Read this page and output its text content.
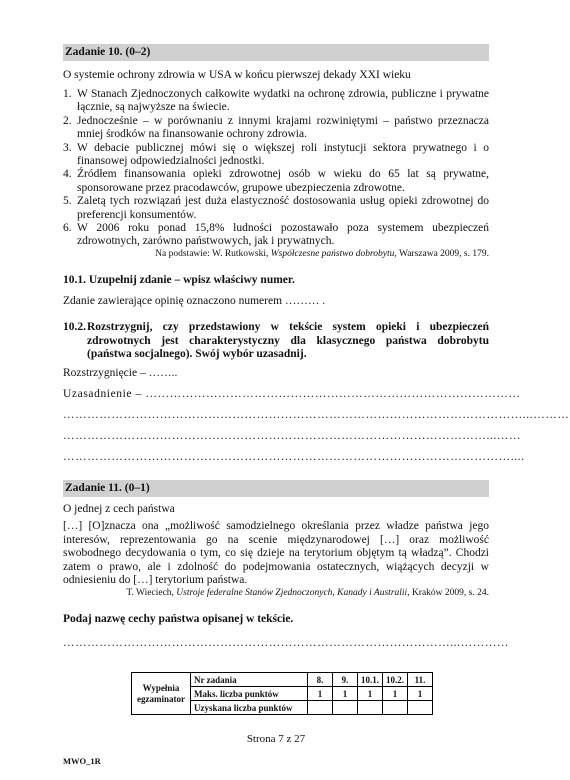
Zadanie 10. (0–2)
O systemie ochrony zdrowia w USA w końcu pierwszej dekady XXI wieku
1. W Stanach Zjednoczonych całkowite wydatki na ochronę zdrowia, publiczne i prywatne łącznie, są najwyższe na świecie.
2. Jednocześnie – w porównaniu z innymi krajami rozwiniętymi – państwo przeznacza mniej środków na finansowanie ochrony zdrowia.
3. W debacie publicznej mówi się o większej roli instytucji sektora prywatnego i o finansowej odpowiedzialności jednostki.
4. Źródłem finansowania opieki zdrowotnej osób w wieku do 65 lat są prywatne, sponsorowane przez pracodawców, grupowe ubezpieczenia zdrowotne.
5. Zaletą tych rozwiązań jest duża elastyczność dostosowania usług opieki zdrowotnej do preferencji konsumentów.
6. W 2006 roku ponad 15,8% ludności pozostawało poza systemem ubezpieczeń zdrowotnych, zarówno państwowych, jak i prywatnych.
Na podstawie: W. Rutkowski, Współczesne państwo dobrobytu, Warszawa 2009, s. 179.
10.1. Uzupełnij zdanie – wpisz właściwy numer.
Zdanie zawierające opinię oznaczono numerem ……… .
10.2. Rozstrzygnij, czy przedstawiony w tekście system opieki i ubezpieczeń zdrowotnych jest charakterystyczny dla klasycznego państwa dobrobytu (państwa socjalnego). Swój wybór uzasadnij.
Rozstrzygnięcie – ……..
Uzasadnienie – …………………………………………………………………………………
……………………………………………………………………………………………………...………
……………………………………………………………………………………………...……
…………………………………………………………………………………………………....
Zadanie 11. (0–1)
O jednej z cech państwa
[…] [O]znacza ona „możliwość samodzielnego określania przez władze państwa jego interesów, reprezentowania go na scenie międzynarodowej […] oraz możliwość swobodnego decydowania o tym, co się dzieje na terytorium objętym tą władzą”. Chodzi zatem o prawo, ale i zdolność do podejmowania ostatecznych, wiążących decyzji w odniesieniu do […] terytorium państwa.
T. Wieciech, Ustroje federalne Stanów Zjednoczonych, Kanady i Australii, Kraków 2009, s. 24.
Podaj nazwę cechy państwa opisanej w tekście.
……………………………………………………………………………………...…………
Wypełnia
egzaminator	Nr zadania	8.	9.	10.1.	10.2.	11.
	Maks. liczba punktów	1	1	1	1	1
	Uzyskana liczba punktów					
Strona 7 z 27
MWO_1R
